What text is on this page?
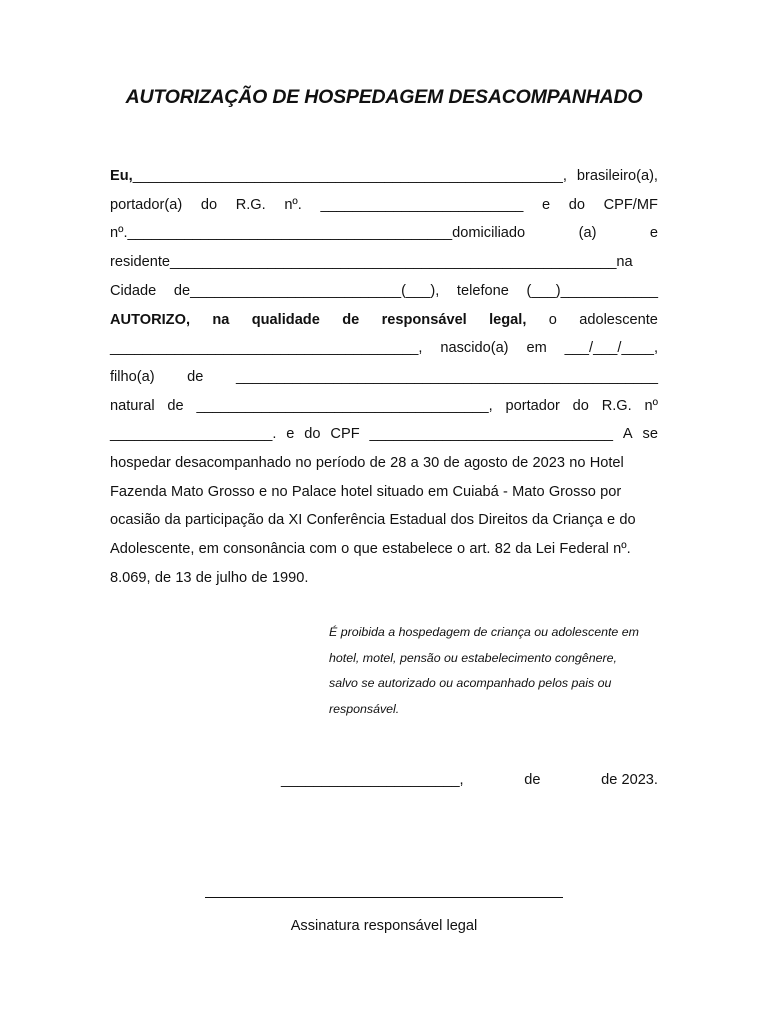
AUTORIZAÇÃO DE HOSPEDAGEM DESACOMPANHADO
Eu,_____________________________________________________, brasileiro(a),
portador(a) do R.G. nº. _________________________ e do CPF/MF
nº.________________________________________domiciliado	(a)	e
residente_______________________________________________________na
Cidade de__________________________(___), telefone (___)____________
AUTORIZO, na qualidade de responsável legal, o adolescente
______________________________________, nascido(a) em ___/___/____,
filho(a) de ____________________________________________________
natural de ____________________________________, portador do R.G. nº
____________________. e do CPF ______________________________ A se
hospedar desacompanhado no período de 28 a 30 de agosto de 2023 no Hotel
Fazenda Mato Grosso e no Palace hotel situado em Cuiabá - Mato Grosso por
ocasião da participação da XI Conferência Estadual dos Direitos da Criança e do
Adolescente, em consonância com o que estabelece o art. 82 da Lei Federal nº.
8.069, de 13 de julho de 1990.
É proibida a hospedagem de criança ou adolescente em
hotel, motel, pensão ou estabelecimento congênere,
salvo se autorizado ou acompanhado pelos pais ou
responsável.
______________________,	de	de 2023.
Assinatura responsável legal
